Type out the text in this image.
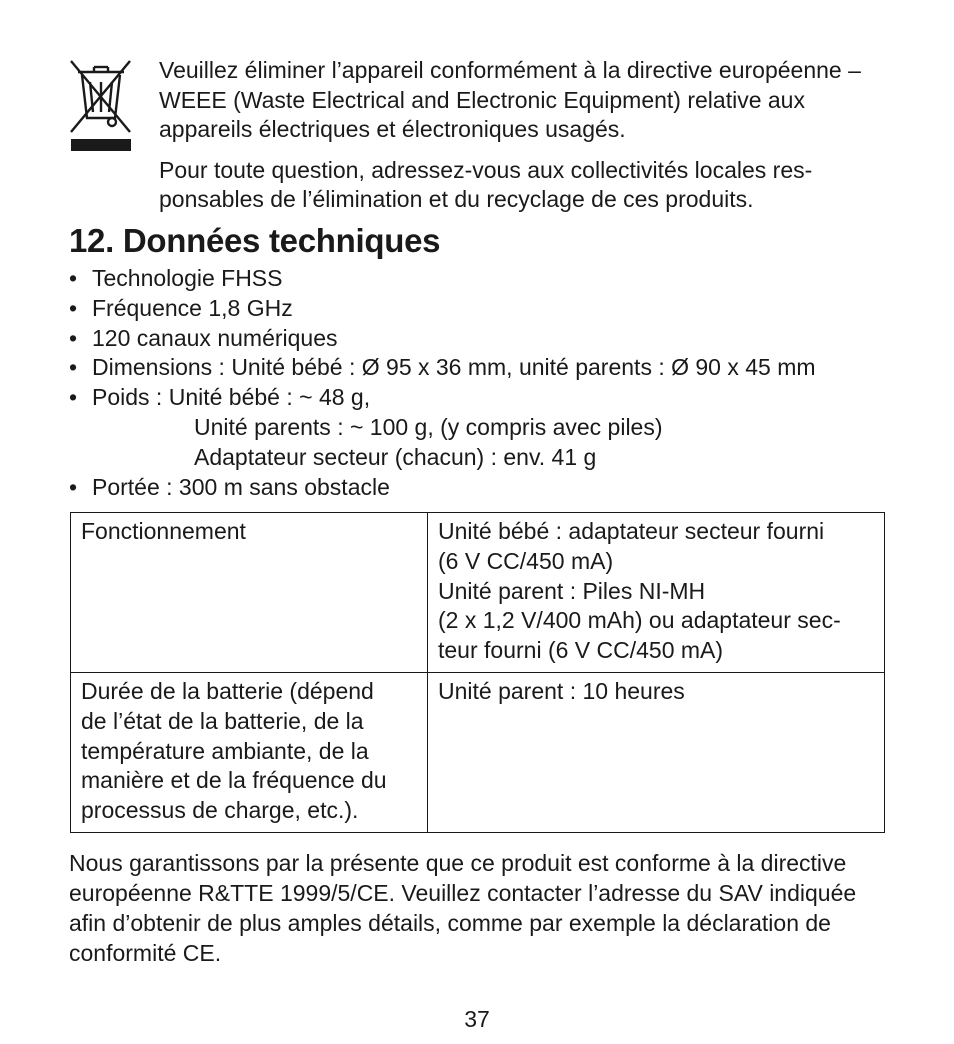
Veuillez éliminer l’appareil conformément à la directive européenne – WEEE (Waste Electrical and Electronic Equipment) relative aux appareils électriques et électroniques usagés.

Pour toute question, adressez-vous aux collectivités locales res-ponsables de l’élimination et du recyclage de ces produits.

12. Données techniques
• Technologie FHSS
• Fréquence 1,8 GHz
• 120 canaux numériques
• Dimensions : Unité bébé : Ø 95 x 36 mm, unité parents : Ø 90 x 45 mm
• Poids : Unité bébé : ~ 48 g,
Unité parents : ~ 100 g, (y compris avec piles)
Adaptateur secteur (chacun) : env. 41 g
• Portée : 300 m sans obstacle
Fonctionnement	Unité bébé : adaptateur secteur fourni
(6 V CC/450 mA)
Unité parent : Piles NI-MH
(2 x 1,2 V/400 mAh) ou adaptateur sec-
teur fourni (6 V CC/450 mA)

Durée de la batterie (dépend
de l’état de la batterie, de la
température ambiante, de la
manière et de la fréquence du
processus de charge, etc.).	Unité parent : 10 heures

Nous garantissons par la présente que ce produit est conforme à la directive européenne R&TTE 1999/5/CE. Veuillez contacter l’adresse du SAV indiquée afin d’obtenir de plus amples détails, comme par exemple la déclaration de conformité CE.

37
